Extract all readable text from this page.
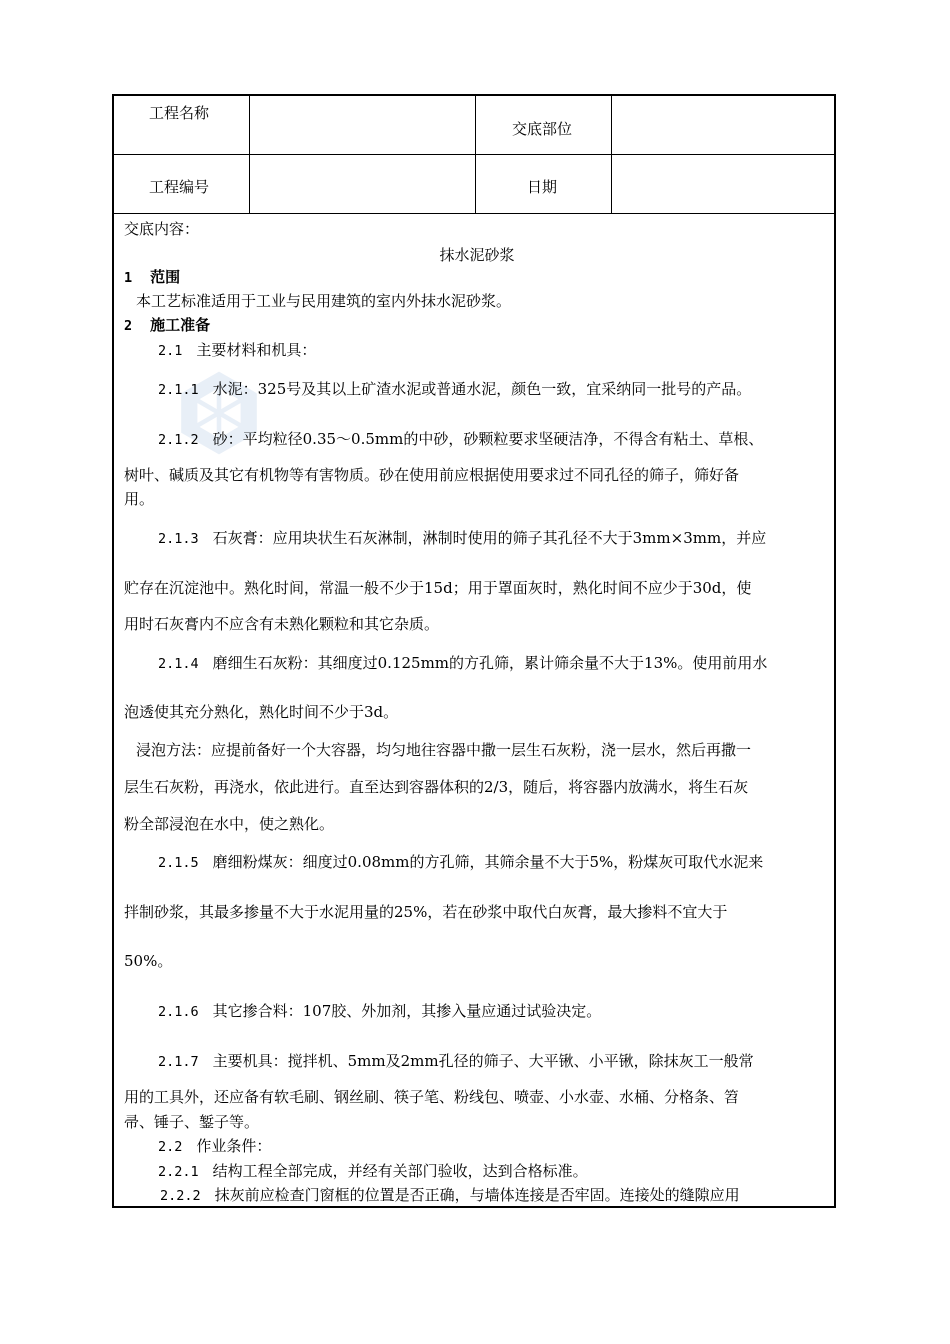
工程名称
交底部位
工程编号	日期
交底内容：
抹水泥砂浆
1 范围
本工艺标准适用于工业与民用建筑的室内外抹水泥砂浆。
2 施工准备
2.1 主要材料和机具：
2.1.1 水泥：325号及其以上矿渣水泥或普通水泥，颜色一致，宜采纳同一批号的产品。
2.1.2 砂：平均粒径0.35～0.5mm的中砂，砂颗粒要求坚硬洁净，不得含有粘土、草根、
树叶、碱质及其它有机物等有害物质。砂在使用前应根据使用要求过不同孔径的筛子，筛好备
用。
2.1.3 石灰膏：应用块状生石灰淋制，淋制时使用的筛子其孔径不大于3mm×3mm，并应
贮存在沉淀池中。熟化时间，常温一般不少于15d；用于罩面灰时，熟化时间不应少于30d，使
用时石灰膏内不应含有未熟化颗粒和其它杂质。
2.1.4 磨细生石灰粉：其细度过0.125mm的方孔筛，累计筛余量不大于13%。使用前用水
泡透使其充分熟化，熟化时间不少于3d。
浸泡方法：应提前备好一个大容器，均匀地往容器中撒一层生石灰粉，浇一层水，然后再撒一
层生石灰粉，再浇水，依此进行。直至达到容器体积的2/3，随后，将容器内放满水，将生石灰
粉全部浸泡在水中，使之熟化。
2.1.5 磨细粉煤灰：细度过0.08mm的方孔筛，其筛余量不大于5%，粉煤灰可取代水泥来
拌制砂浆，其最多掺量不大于水泥用量的25%，若在砂浆中取代白灰膏，最大掺料不宜大于
50%。
2.1.6 其它掺合料：107胶、外加剂，其掺入量应通过试验决定。
2.1.7 主要机具：搅拌机、5mm及2mm孔径的筛子、大平锹、小平锹，除抹灰工一般常
用的工具外，还应备有软毛刷、钢丝刷、筷子笔、粉线包、喷壶、小水壶、水桶、分格条、笤
帚、锤子、錾子等。
2.2 作业条件：
2.2.1 结构工程全部完成，并经有关部门验收，达到合格标准。
2.2.2 抹灰前应检查门窗框的位置是否正确，与墙体连接是否牢固。连接处的缝隙应用
